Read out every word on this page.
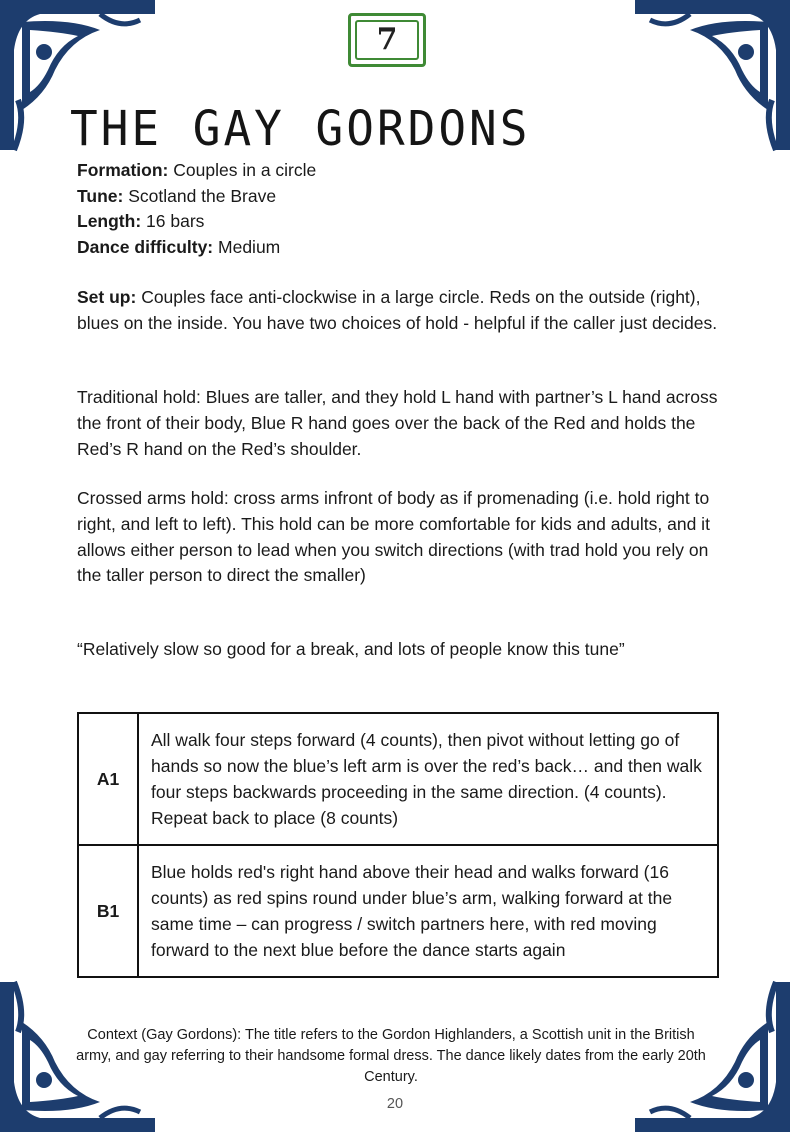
7
THE GAY GORDONS
Formation: Couples in a circle
Tune: Scotland the Brave
Length: 16 bars
Dance difficulty: Medium

Set up: Couples face anti-clockwise in a large circle. Reds on the outside (right), blues on the inside. You have two choices of hold - helpful if the caller just decides.

Traditional hold: Blues are taller, and they hold L hand with partner’s L hand across the front of their body, Blue R hand goes over the back of the Red and holds the Red’s R hand on the Red’s shoulder.

Crossed arms hold: cross arms infront of body as if promenading (i.e. hold right to right, and left to left). This hold can be more comfortable for kids and adults, and it allows either person to lead when you switch directions (with trad hold you rely on the taller person to direct the smaller)

“Relatively slow so good for a break, and lots of people know this tune”

A1	All walk four steps forward (4 counts), then pivot without letting go of hands so now the blue’s left arm is over the red’s back… and then walk four steps backwards proceeding in the same direction. (4 counts). Repeat back to place (8 counts)
B1	Blue holds red's right hand above their head and walks forward (16 counts) as red spins round under blue’s arm, walking forward at the same time – can progress / switch partners here, with red moving forward to the next blue before the dance starts again
Context (Gay Gordons): The title refers to the Gordon Highlanders, a Scottish unit in the British army, and gay referring to their handsome formal dress. The dance likely dates from the early 20th Century.
20
